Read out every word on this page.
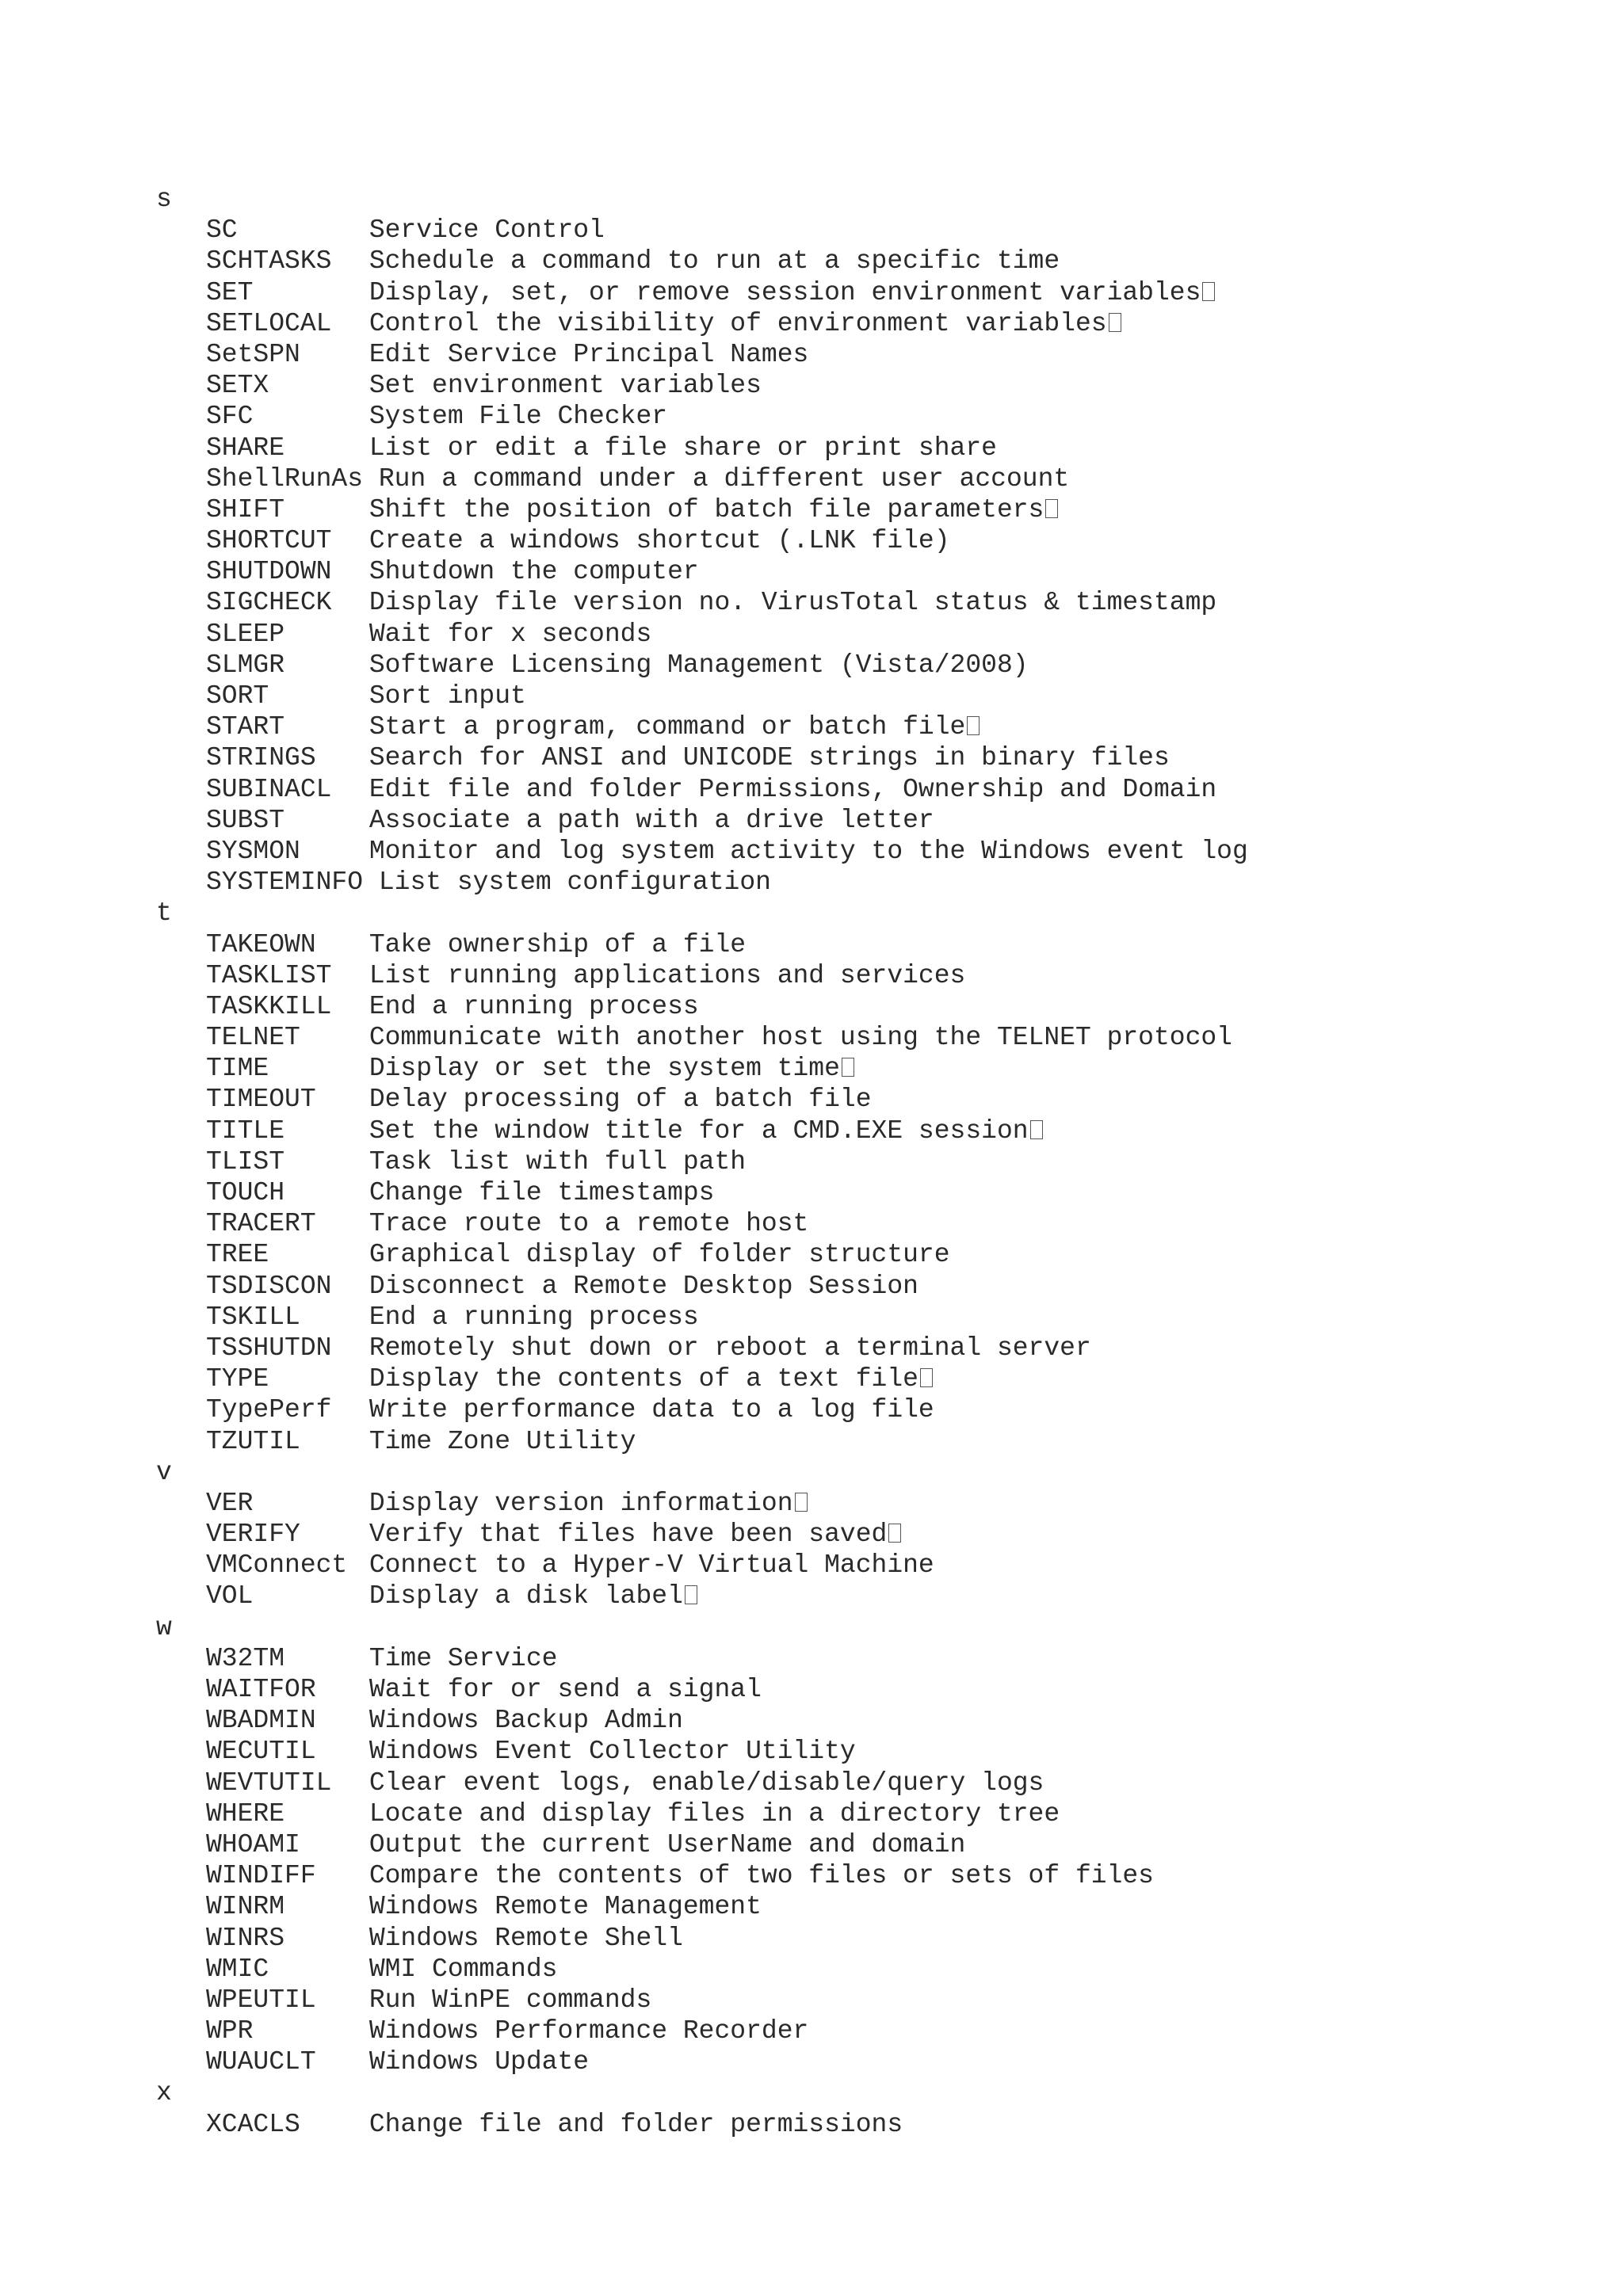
s
SC	Service Control
SCHTASKS Schedule a command to run at a specific time
SET	Display, set, or remove session environment variables
SETLOCAL Control the visibility of environment variables
SetSPN	Edit Service Principal Names
SETX	Set environment variables
SFC	System File Checker
SHARE	List or edit a file share or print share
ShellRunAs Run a command under a different user account
SHIFT	Shift the position of batch file parameters
SHORTCUT Create a windows shortcut (.LNK file)
SHUTDOWN Shutdown the computer
SIGCHECK Display file version no. VirusTotal status & timestamp
SLEEP	Wait for x seconds
SLMGR	Software Licensing Management (Vista/2008)
SORT	Sort input
START	Start a program, command or batch file
STRINGS Search for ANSI and UNICODE strings in binary files
SUBINACL Edit file and folder Permissions, Ownership and Domain
SUBST	Associate a path with a drive letter
SYSMON	Monitor and log system activity to the Windows event log
SYSTEMINFO List system configuration
t
TAKEOWN Take ownership of a file
TASKLIST List running applications and services
TASKKILL End a running process
TELNET	Communicate with another host using the TELNET protocol
TIME	Display or set the system time
TIMEOUT Delay processing of a batch file
TITLE	Set the window title for a CMD.EXE session
TLIST	Task list with full path
TOUCH	Change file timestamps
TRACERT Trace route to a remote host
TREE	Graphical display of folder structure
TSDISCON Disconnect a Remote Desktop Session
TSKILL	End a running process
TSSHUTDN Remotely shut down or reboot a terminal server
TYPE	Display the contents of a text file
TypePerf Write performance data to a log file
TZUTIL	Time Zone Utility
v
VER	Display version information
VERIFY	Verify that files have been saved
VMConnect Connect to a Hyper-V Virtual Machine
VOL	Display a disk label
w
W32TM	Time Service
WAITFOR Wait for or send a signal
WBADMIN Windows Backup Admin
WECUTIL Windows Event Collector Utility
WEVTUTIL Clear event logs, enable/disable/query logs
WHERE	Locate and display files in a directory tree
WHOAMI	Output the current UserName and domain
WINDIFF Compare the contents of two files or sets of files
WINRM	Windows Remote Management
WINRS	Windows Remote Shell
WMIC	WMI Commands
WPEUTIL Run WinPE commands
WPR	Windows Performance Recorder
WUAUCLT Windows Update
x
XCACLS	Change file and folder permissions
